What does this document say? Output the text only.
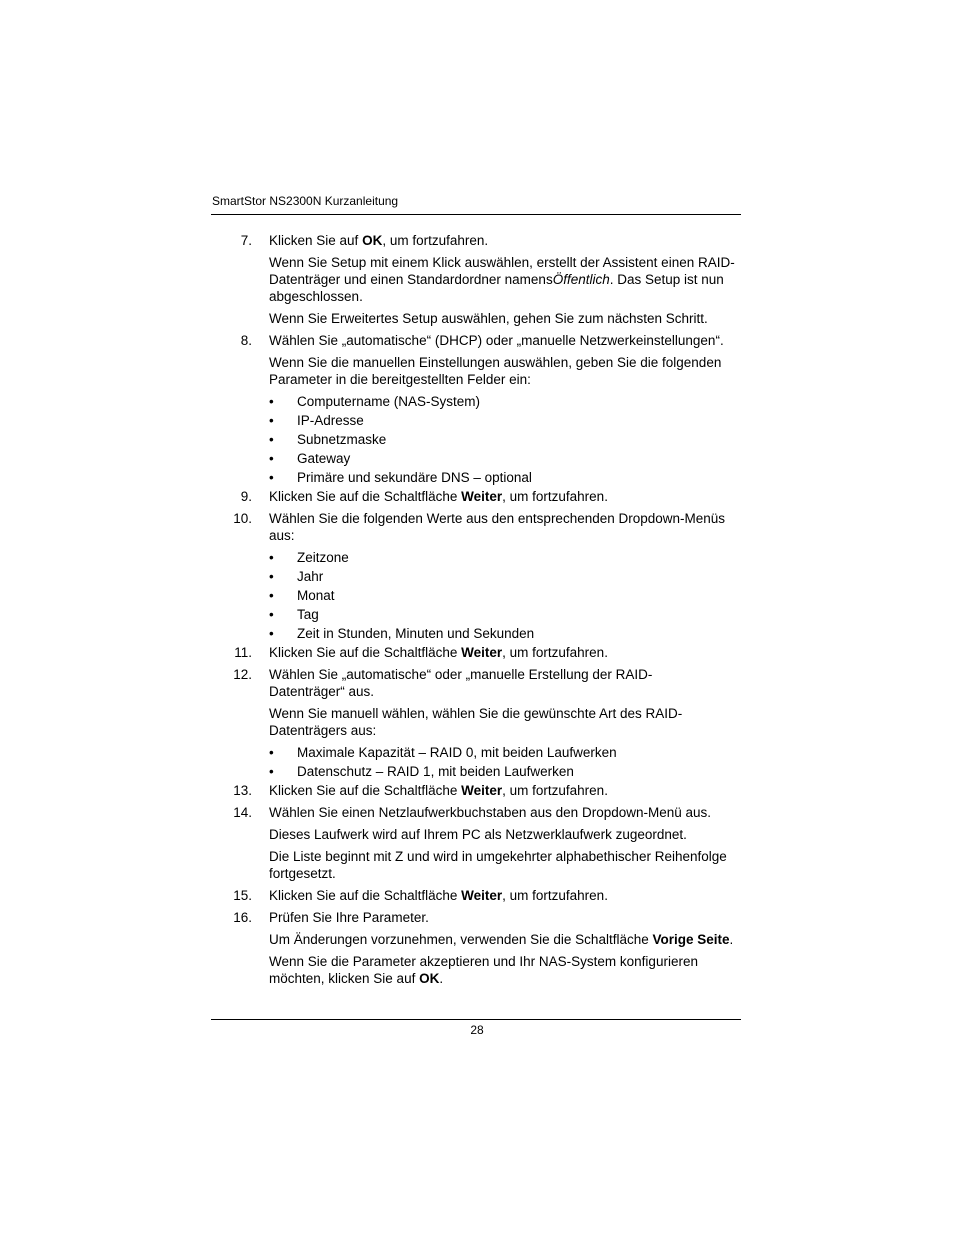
SmartStor NS2300N Kurzanleitung
7. Klicken Sie auf OK, um fortzufahren.
Wenn Sie Setup mit einem Klick auswählen, erstellt der Assistent einen RAID-Datenträger und einen Standardordner namensÖffentlich. Das Setup ist nun abgeschlossen.
Wenn Sie Erweitertes Setup auswählen, gehen Sie zum nächsten Schritt.
8. Wählen Sie „automatische“ (DHCP) oder „manuelle Netzwerkeinstellungen“.
Wenn Sie die manuellen Einstellungen auswählen, geben Sie die folgenden Parameter in die bereitgestellten Felder ein:
• Computername (NAS-System)
• IP-Adresse
• Subnetzmaske
• Gateway
• Primäre und sekundäre DNS – optional
9. Klicken Sie auf die Schaltfläche Weiter, um fortzufahren.
10. Wählen Sie die folgenden Werte aus den entsprechenden Dropdown-Menüs aus:
• Zeitzone
• Jahr
• Monat
• Tag
• Zeit in Stunden, Minuten und Sekunden
11. Klicken Sie auf die Schaltfläche Weiter, um fortzufahren.
12. Wählen Sie „automatische“ oder „manuelle Erstellung der RAID-
Datenträger“ aus.
Wenn Sie manuell wählen, wählen Sie die gewünschte Art des RAID-
Datenträgers aus:
• Maximale Kapazität – RAID 0, mit beiden Laufwerken
• Datenschutz – RAID 1, mit beiden Laufwerken
13. Klicken Sie auf die Schaltfläche Weiter, um fortzufahren.
14. Wählen Sie einen Netzlaufwerkbuchstaben aus den Dropdown-Menü aus.
Dieses Laufwerk wird auf Ihrem PC als Netzwerklaufwerk zugeordnet.
Die Liste beginnt mit Z und wird in umgekehrter alphabethischer Reihenfolge fortgesetzt.
15. Klicken Sie auf die Schaltfläche Weiter, um fortzufahren.
16. Prüfen Sie Ihre Parameter.
Um Änderungen vorzunehmen, verwenden Sie die Schaltfläche Vorige Seite.
Wenn Sie die Parameter akzeptieren und Ihr NAS-System konfigurieren möchten, klicken Sie auf OK.
28
